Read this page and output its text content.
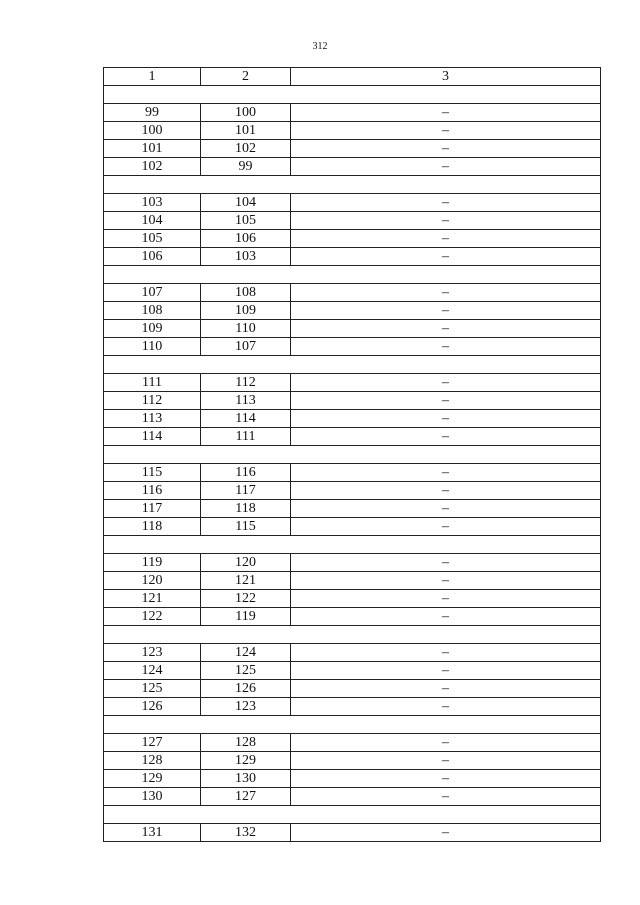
312
1	2	3

99	100	–
100	101	–
101	102	–
102	99	–

103	104	–
104	105	–
105	106	–
106	103	–

107	108	–
108	109	–
109	110	–
110	107	–

111	112	–
112	113	–
113	114	–
114	111	–

115	116	–
116	117	–
117	118	–
118	115	–

119	120	–
120	121	–
121	122	–
122	119	–

123	124	–
124	125	–
125	126	–
126	123	–

127	128	–
128	129	–
129	130	–
130	127	–

131	132	–
